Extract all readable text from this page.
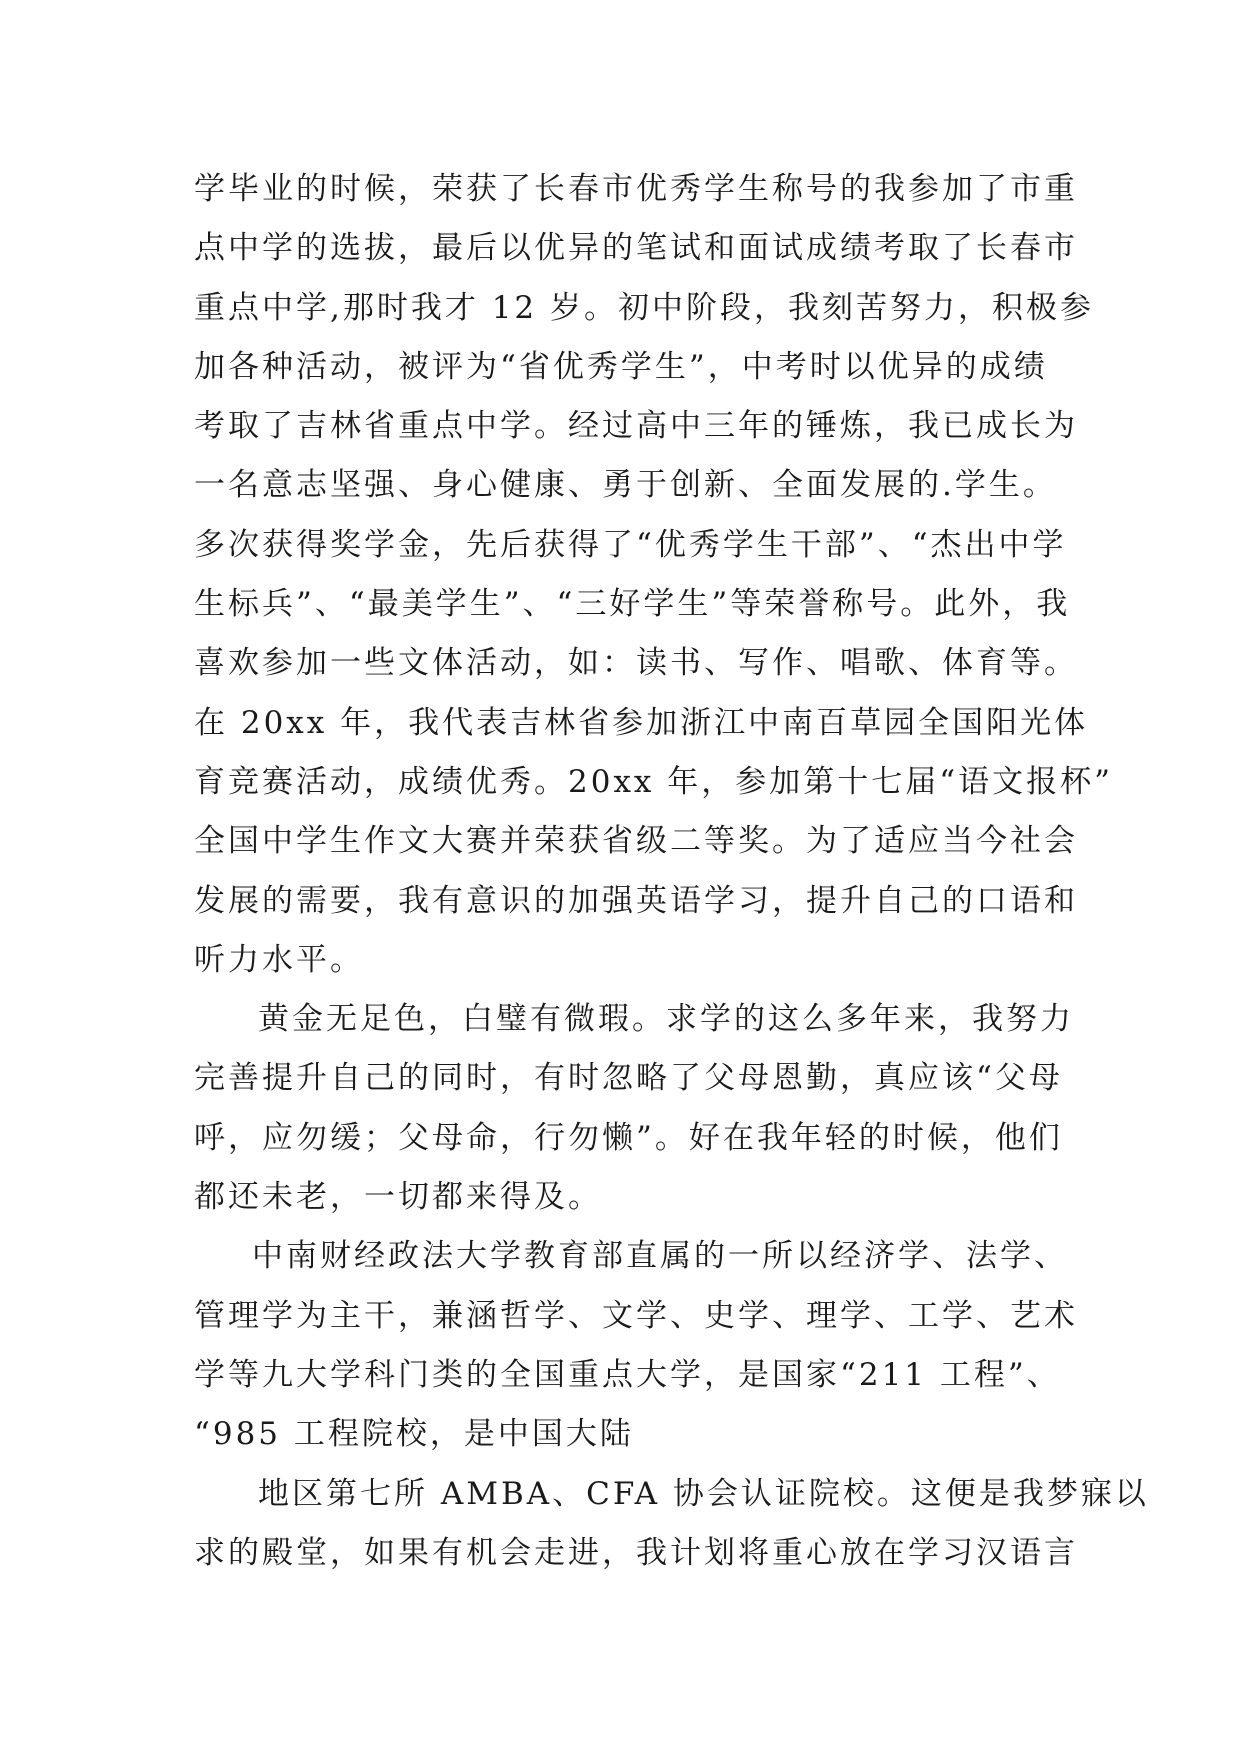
学毕业的时候，荣获了长春市优秀学生称号的我参加了市重
点中学的选拔，最后以优异的笔试和面试成绩考取了长春市
重点中学,那时我才 12 岁。初中阶段，我刻苦努力，积极参
加各种活动，被评为“省优秀学生”，中考时以优异的成绩
考取了吉林省重点中学。经过高中三年的锤炼，我已成长为
一名意志坚强、身心健康、勇于创新、全面发展的.学生。
多次获得奖学金，先后获得了“优秀学生干部”、“杰出中学
生标兵”、“最美学生”、“三好学生”等荣誉称号。此外，我
喜欢参加一些文体活动，如：读书、写作、唱歌、体育等。
在 20xx 年，我代表吉林省参加浙江中南百草园全国阳光体
育竞赛活动，成绩优秀。20xx 年，参加第十七届“语文报杯”
全国中学生作文大赛并荣获省级二等奖。为了适应当今社会
发展的需要，我有意识的加强英语学习，提升自己的口语和
听力水平。
黄金无足色，白璧有微瑕。求学的这么多年来，我努力
完善提升自己的同时，有时忽略了父母恩勤，真应该“父母
呼，应勿缓；父母命，行勿懒”。好在我年轻的时候，他们
都还未老，一切都来得及。
中南财经政法大学教育部直属的一所以经济学、法学、
管理学为主干，兼涵哲学、文学、史学、理学、工学、艺术
学等九大学科门类的全国重点大学，是国家“211 工程”、
“985 工程院校，是中国大陆
地区第七所 AMBA、CFA 协会认证院校。这便是我梦寐以
求的殿堂，如果有机会走进，我计划将重心放在学习汉语言
